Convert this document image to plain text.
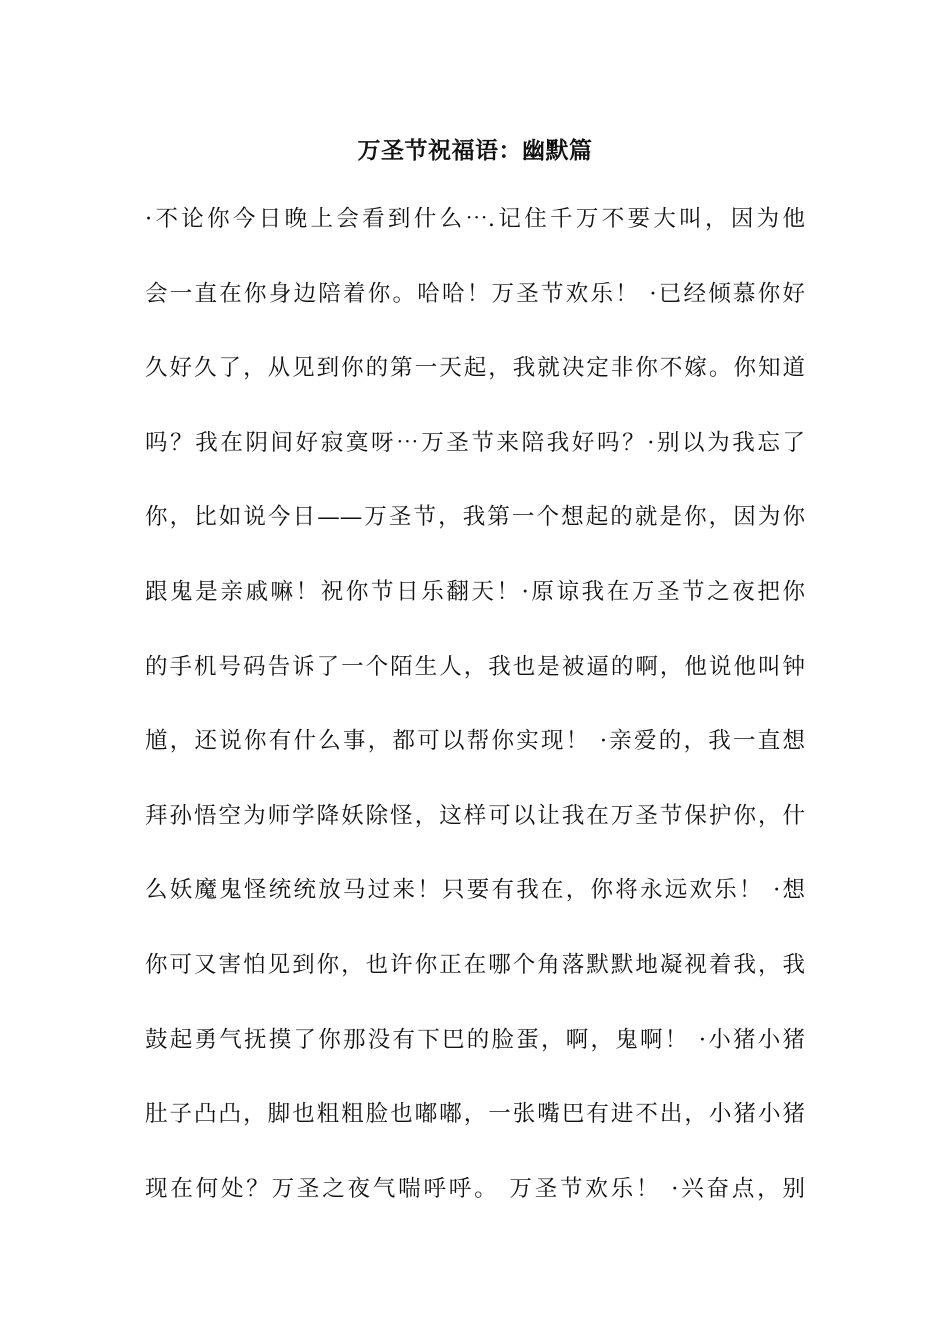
万圣节祝福语：幽默篇
·不论你今日晚上会看到什么⋯.记住千万不要大叫，因为他
会一直在你身边陪着你。哈哈！万圣节欢乐！ ·已经倾慕你好
久好久了，从见到你的第一天起，我就决定非你不嫁。你知道
吗？我在阴间好寂寞呀⋯万圣节来陪我好吗？·别以为我忘了
你，比如说今日——万圣节，我第一个想起的就是你，因为你
跟鬼是亲戚嘛！祝你节日乐翻天！·原谅我在万圣节之夜把你
的手机号码告诉了一个陌生人，我也是被逼的啊，他说他叫钟
馗，还说你有什么事，都可以帮你实现！ ·亲爱的，我一直想
拜孙悟空为师学降妖除怪，这样可以让我在万圣节保护你，什
么妖魔鬼怪统统放马过来！只要有我在，你将永远欢乐！ ·想
你可又害怕见到你，也许你正在哪个角落默默地凝视着我，我
鼓起勇气抚摸了你那没有下巴的脸蛋，啊，鬼啊！ ·小猪小猪
肚子凸凸，脚也粗粗脸也嘟嘟，一张嘴巴有进不出，小猪小猪
现在何处？万圣之夜气喘呼呼。 万圣节欢乐！ ·兴奋点，别
